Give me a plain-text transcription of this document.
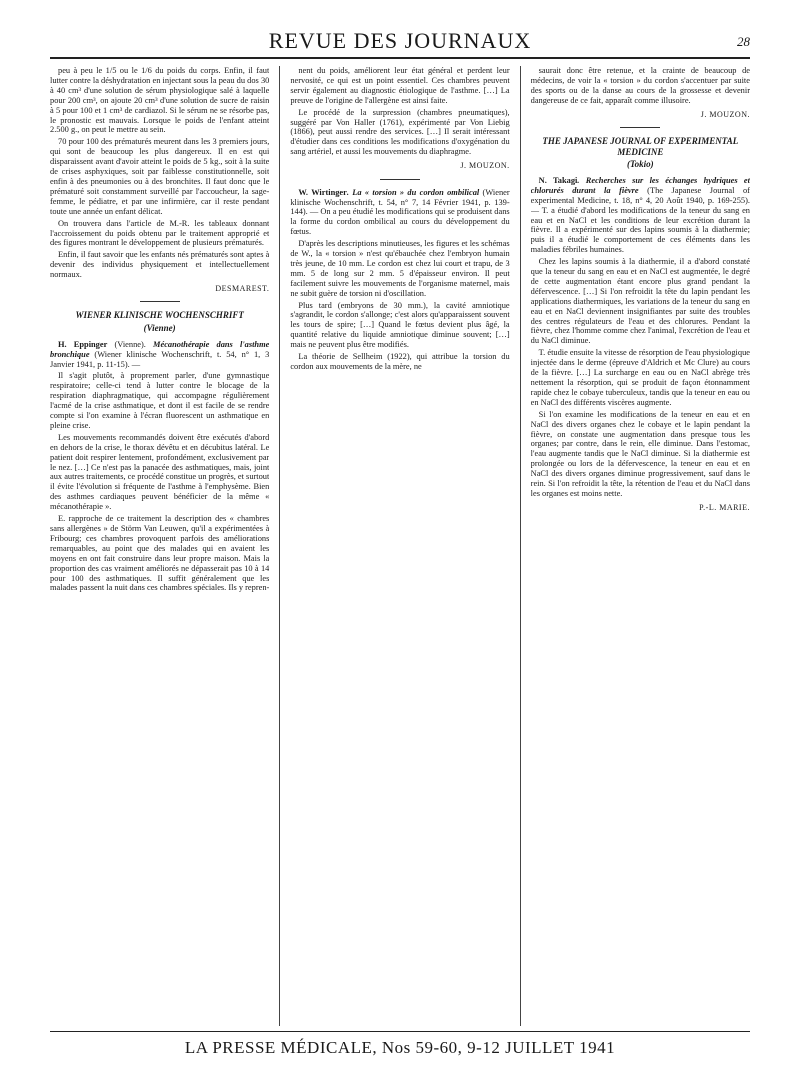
REVUE DES JOURNAUX	28

peu à peu le 1/5 ou le 1/6 du poids du corps. Enfin, il faut lutter contre la déshydratation en injectant sous la peau du dos 30 à 40 cm³ d'une solution de sérum physiologique salé à laquelle pour 200 cm³, on ajoute 20 cm³ d'une solution de sucre de raisin à 5 pour 100 et 1 cm³ de cardiazol. Si le sérum ne se résorbe pas, le pronostic est mauvais. Lorsque le poids de l'enfant atteint 2.500 g., on peut le mettre au sein.

70 pour 100 des prématurés meurent dans les 3 premiers jours, qui sont de beaucoup les plus dangereux. Il en est qui disparaissent avant d'avoir atteint le poids de 5 kg., soit à la suite de crises asphyxiques, soit par faiblesse constitutionnelle, soit enfin à des pneumonies ou à des bronchites. Il faut donc que le prématuré soit constamment surveillé par l'accoucheur, la sage-femme, le pédiatre, et par une infirmière, car il reste pendant toute une année un enfant délicat.

On trouvera dans l'article de M.-R. les tableaux donnant l'accroissement du poids obtenu par le traitement approprié et des figures montrant le développement de plusieurs prématurés.

Enfin, il faut savoir que les enfants nés prématurés sont aptes à devenir des individus physiquement et intellectuellement normaux.

DESMAREST.
WIENER KLINISCHE WOCHENSCHRIFT
(Vienne)

H. Eppinger (Vienne). Mécanothérapie dans l'asthme bronchique (Wiener klinische Wochenschrift, t. 54, n° 1, 3 Janvier 1941, p. 11-15). —

Il s'agit plutôt, à proprement parler, d'une gymnastique respiratoire; celle-ci tend à lutter contre le blocage de la respiration diaphragmatique, qui accompagne régulièrement l'acmé de la crise asthmatique, et dont il est facile de se rendre compte si l'on examine à l'écran fluorescent un asthmatique en pleine crise.

Les mouvements recommandés doivent être exécutés d'abord en dehors de la crise, le thorax dévêtu et en décubitus latéral. Le patient doit respirer lentement, profondément, exclusivement par le nez. […] Ce n'est pas la panacée des asthmatiques, mais, joint aux autres traitements, ce procédé constitue un progrès, et surtout il évite l'évolution si fréquente de l'asthme à l'emphysème. Bien des asthmes cardiaques peuvent bénéficier de la même « mécanothérapie ».

E. rapproche de ce traitement la description des « chambres sans allergènes » de Störm Van Leuwen, qu'il a expérimentées à Fribourg; ces chambres provoquent parfois des améliorations remarquables, au point que des malades qui en avaient les moyens en ont fait construire dans leur propre maison. Mais la proportion des cas vraiment améliorés ne dépasserait pas 10 à 14 pour 100 des asthmatiques. Il suffit généralement que les malades passent la nuit dans ces chambres spéciales. Ils y repren-

nent du poids, améliorent leur état général et perdent leur nervosité, ce qui est un point essentiel. Ces chambres peuvent servir également au diagnostic étiologique de l'asthme. […] La preuve de l'origine de l'allergène est ainsi faite.

Le procédé de la surpression (chambres pneumatiques), suggéré par Von Haller (1761), expérimenté par Von Liebig (1866), peut aussi rendre des services. […] Il serait intéressant d'étudier dans ces conditions les modifications d'oxygénation du sang artériel, et aussi les mouvements du diaphragme.

J. MOUZON.

W. Wirtinger. La « torsion » du cordon ombilical (Wiener klinische Wochenschrift, t. 54, n° 7, 14 Février 1941, p. 139-144). — On a peu étudié les modifications qui se produisent dans la forme du cordon ombilical au cours du développement du fœtus.

D'après les descriptions minutieuses, les figures et les schémas de W., la « torsion » n'est qu'ébauchée chez l'embryon humain très jeune, de 10 mm. Le cordon est chez lui court et trapu, de 3 mm. 5 de long sur 2 mm. 5 d'épaisseur environ. Il peut facilement suivre les mouvements de l'organisme maternel, mais ne subit guère de torsion ni d'oscillation.

Plus tard (embryons de 30 mm.), la cavité amniotique s'agrandit, le cordon s'allonge; c'est alors qu'apparaissent souvent les tours de spire; […] Quand le fœtus devient plus âgé, la quantité relative du liquide amniotique diminue souvent; […] mais ne peuvent plus être modifiés.

La théorie de Sellheim (1922), qui attribue la torsion du cordon aux mouvements de la mère, ne

saurait donc être retenue, et la crainte de beaucoup de médecins, de voir la « torsion » du cordon s'accentuer par suite des sports ou de la danse au cours de la grossesse et devenir dangereuse de ce fait, apparaît comme illusoire.

J. MOUZON.
THE JAPANESE JOURNAL OF EXPERIMENTAL MEDICINE
(Tokio)

N. Takagi. Recherches sur les échanges hydriques et chlorurés durant la fièvre (The Japanese Journal of experimental Medicine, t. 18, n° 4, 20 Août 1940, p. 169-255). — T. a étudié d'abord les modifications de la teneur du sang en eau et en NaCl et les conditions de leur excrétion durant la fièvre. Il a expérimenté sur des lapins soumis à la diathermie; puis il a étudié le comportement de ces éléments dans les maladies fébriles humaines.

Chez les lapins soumis à la diathermie, il a d'abord constaté que la teneur du sang en eau et en NaCl est augmentée, le degré de cette augmentation étant encore plus grand pendant la défervescence. […] Si l'on refroidit la tête du lapin pendant les applications diathermiques, les variations de la teneur du sang en eau et en NaCl deviennent insignifiantes par suite des troubles des centres régulateurs de l'eau et des chlorures. Pendant la fièvre, chez l'homme comme chez l'animal, l'excrétion de l'eau et du NaCl diminue.

T. étudie ensuite la vitesse de résorption de l'eau physiologique injectée dans le derme (épreuve d'Aldrich et Mc Clure) au cours de la fièvre. […] La surcharge en eau ou en NaCl abrège très nettement la résorption, qui se produit de façon étonnamment rapide chez le cobaye tuberculeux, tandis que la teneur en eau ou en NaCl des différents viscères augmente.

Si l'on examine les modifications de la teneur en eau et en NaCl des divers organes chez le cobaye et le lapin pendant la fièvre, on constate une augmentation dans presque tous les organes; par contre, dans le rein, elle diminue. Dans l'estomac, l'eau augmente tandis que le NaCl diminue. Si la diathermie est prolongée ou lors de la défervescence, la teneur en eau et en NaCl des divers organes diminue progressivement, sauf dans le rein. Si l'on refroidit la tête, la rétention de l'eau et du NaCl dans les organes est moins nette.

P.-L. MARIE.
LA PRESSE MÉDICALE, Nos 59-60, 9-12 JUILLET 1941
